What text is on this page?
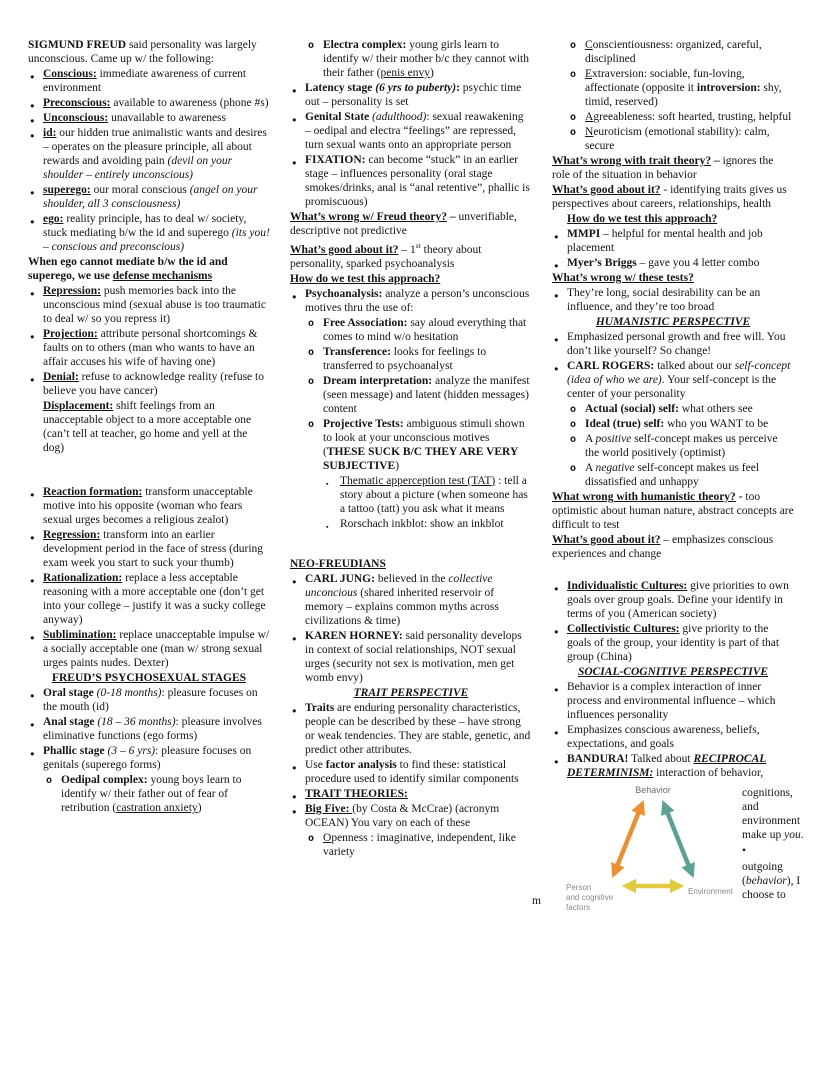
SIGMUND FREUD said personality was largely unconscious. Came up w/ the following:
● Conscious: immediate awareness of current environment
● Preconscious: available to awareness (phone #s)
● Unconscious: unavailable to awareness
● id: our hidden true animalistic wants and desires – operates on the pleasure principle, all about rewards and avoiding pain (devil on your shoulder – entirely unconscious)
● superego: our moral conscious (angel on your shoulder, all 3 consciousness)
● ego: reality principle, has to deal w/ society, stuck mediating b/w the id and superego (its you! – conscious and preconscious)
When ego cannot mediate b/w the id and superego, we use defense mechanisms
● Repression: push memories back into the unconscious mind (sexual abuse is too traumatic to deal w/ so you repress it)
● Projection: attribute personal shortcomings & faults on to others (man who wants to have an affair accuses his wife of having one)
● Denial: refuse to acknowledge reality (refuse to believe you have cancer)
Displacement: shift feelings from an unacceptable object to a more acceptable one (can’t tell at teacher, go home and yell at the dog)
● Reaction formation: transform unacceptable motive into his opposite (woman who fears sexual urges becomes a religious zealot)
● Regression: transform into an earlier development period in the face of stress (during exam week you start to suck your thumb)
● Rationalization: replace a less acceptable reasoning with a more acceptable one (don’t get into your college – justify it was a sucky college anyway)
● Sublimination: replace unacceptable impulse w/ a socially acceptable one (man w/ strong sexual urges paints nudes. Dexter)
FREUD’S PSYCHOSEXUAL STAGES
● Oral stage (0-18 months): pleasure focuses on the mouth (id)
● Anal stage (18 – 36 months): pleasure involves eliminative functions (ego forms)
● Phallic stage (3 – 6 yrs): pleasure focuses on genitals (superego forms)
o Oedipal complex: young boys learn to identify w/ their father out of fear of retribution (castration anxiety)
o Electra complex: young girls learn to identify w/ their mother b/c they cannot with their father (penis envy)
● Latency stage (6 yrs to puberty): psychic time out – personality is set
● Genital State (adulthood): sexual reawakening – oedipal and electra “feelings” are repressed, turn sexual wants onto an appropriate person
● FIXATION: can become “stuck” in an earlier stage – influences personality (oral stage smokes/drinks, anal is “anal retentive”, phallic is promiscuous)
What’s wrong w/ Freud theory? – unverifiable, descriptive not predictive
What’s good about it? – 1st theory about personality, sparked psychoanalysis
How do we test this approach?
● Psychoanalysis: analyze a person’s unconscious motives thru the use of:
o Free Association: say aloud everything that comes to mind w/o hesitation
o Transference: looks for feelings to transferred to psychoanalyst
o Dream interpretation: analyze the manifest (seen message) and latent (hidden messages) content
o Projective Tests: ambiguous stimuli shown to look at your unconscious motives (THESE SUCK B/C THEY ARE VERY SUBJECTIVE)
▪ Thematic apperception test (TAT) : tell a story about a picture (when someone has a tattoo (tatt) you ask what it means
▪ Rorschach inkblot: show an inkblot
NEO-FREUDIANS
● CARL JUNG: believed in the collective unconcious (shared inherited reservoir of memory – explains common myths across civilizations & time)
● KAREN HORNEY: said personality develops in context of social relationships, NOT sexual urges (security not sex is motivation, men get womb envy)
TRAIT PERSPECTIVE
● Traits are enduring personality characteristics, people can be described by these – have strong or weak tendencies. They are stable, genetic, and predict other attributes.
● Use factor analysis to find these: statistical procedure used to identify similar components
● TRAIT THEORIES:
● Big Five: (by Costa & McCrae) (acronym OCEAN) You vary on each of these
o Openness : imaginative, independent, like variety
o Conscientiousness: organized, careful, disciplined
o Extraversion: sociable, fun-loving, affectionate (opposite it introversion: shy, timid, reserved)
o Agreeableness: soft hearted, trusting, helpful
o Neuroticism (emotional stability): calm, secure
What’s wrong with trait theory? – ignores the role of the situation in behavior
What’s good about it? - identifying traits gives us perspectives about careers, relationships, health
How do we test this approach?
● MMPI – helpful for mental health and job placement
● Myer’s Briggs – gave you 4 letter combo
What’s wrong w/ these tests?
● They’re long, social desirability can be an influence, and they’re too broad
HUMANISTIC PERSPECTIVE
● Emphasized personal growth and free will. You don’t like yourself? So change!
● CARL ROGERS: talked about our self-concept (idea of who we are). Your self-concept is the center of your personality
o Actual (social) self: what others see
o Ideal (true) self: who you WANT to be
o A positive self-concept makes us perceive the world positively (optimist)
o A negative self-concept makes us feel dissatisfied and unhappy
What wrong with humanistic theory? - too optimistic about human nature, abstract concepts are difficult to test
What’s good about it? – emphasizes conscious experiences and change
● Individualistic Cultures: give priorities to own goals over group goals. Define your identify in terms of you (American society)
● Collectivistic Cultures: give priority to the goals of the group, your identity is part of that group (China)
SOCIAL-COGNITIVE PERSPECTIVE
● Behavior is a complex interaction of inner process and environmental influence – which influences personality
● Emphasizes conscious awareness, beliefs, expectations, and goals
● BANDURA! Talked about RECIPROCAL DETERMINISM: interaction of behavior,
m
Behavior
Person
and cognitive
factors
Environment
cognitions, and environment make up you.
•
outgoing (behavior), I choose to
